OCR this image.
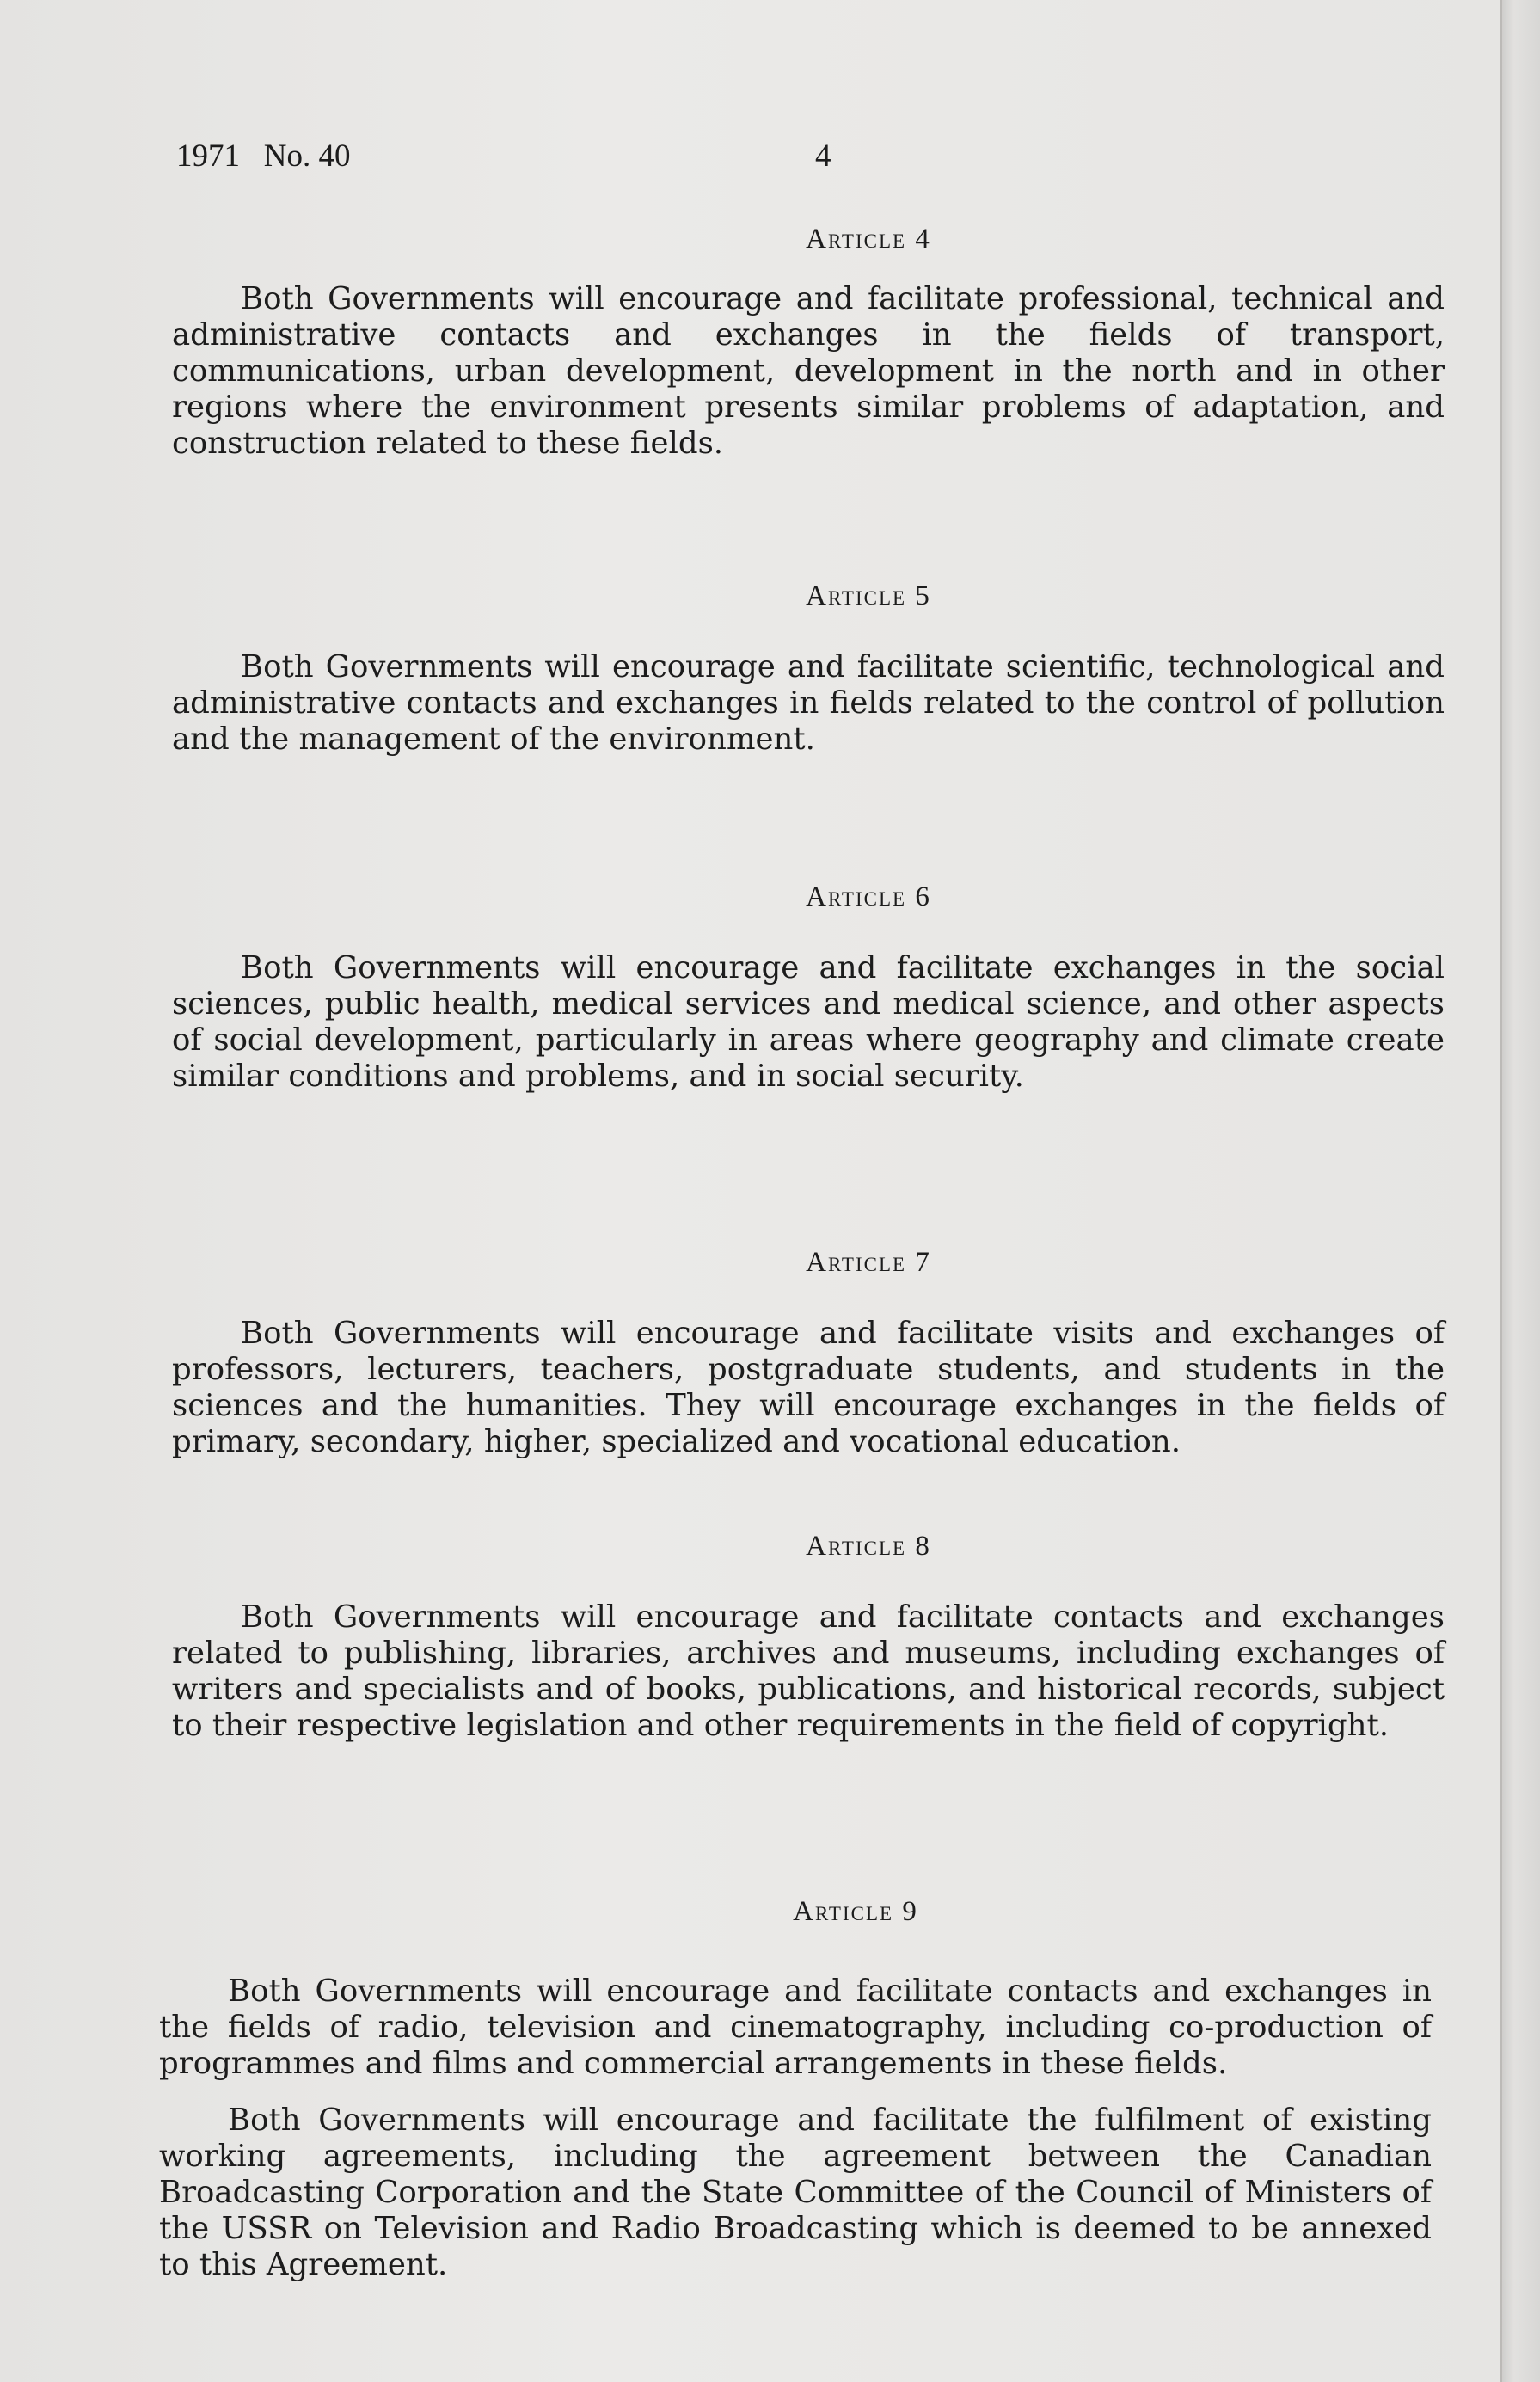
1971   No. 40	4
Article 4

Both Governments will encourage and facilitate professional, technical and administrative contacts and exchanges in the fields of transport, communications, urban development, development in the north and in other regions where the environment presents similar problems of adaptation, and construction related to these fields.

Article 5

Both Governments will encourage and facilitate scientific, technological and administrative contacts and exchanges in fields related to the control of pollution and the management of the environment.

Article 6

Both Governments will encourage and facilitate exchanges in the social sciences, public health, medical services and medical science, and other aspects of social development, particularly in areas where geography and climate create similar conditions and problems, and in social security.

Article 7

Both Governments will encourage and facilitate visits and exchanges of professors, lecturers, teachers, postgraduate students, and students in the sciences and the humanities. They will encourage exchanges in the fields of primary, secondary, higher, specialized and vocational education.

Article 8

Both Governments will encourage and facilitate contacts and exchanges related to publishing, libraries, archives and museums, including exchanges of writers and specialists and of books, publications, and historical records, subject to their respective legislation and other requirements in the field of copyright.

Article 9

Both Governments will encourage and facilitate contacts and exchanges in the fields of radio, television and cinematography, including co-production of programmes and films and commercial arrangements in these fields.

Both Governments will encourage and facilitate the fulfilment of existing working agreements, including the agreement between the Canadian Broadcasting Corporation and the State Committee of the Council of Ministers of the USSR on Television and Radio Broadcasting which is deemed to be annexed to this Agreement.
